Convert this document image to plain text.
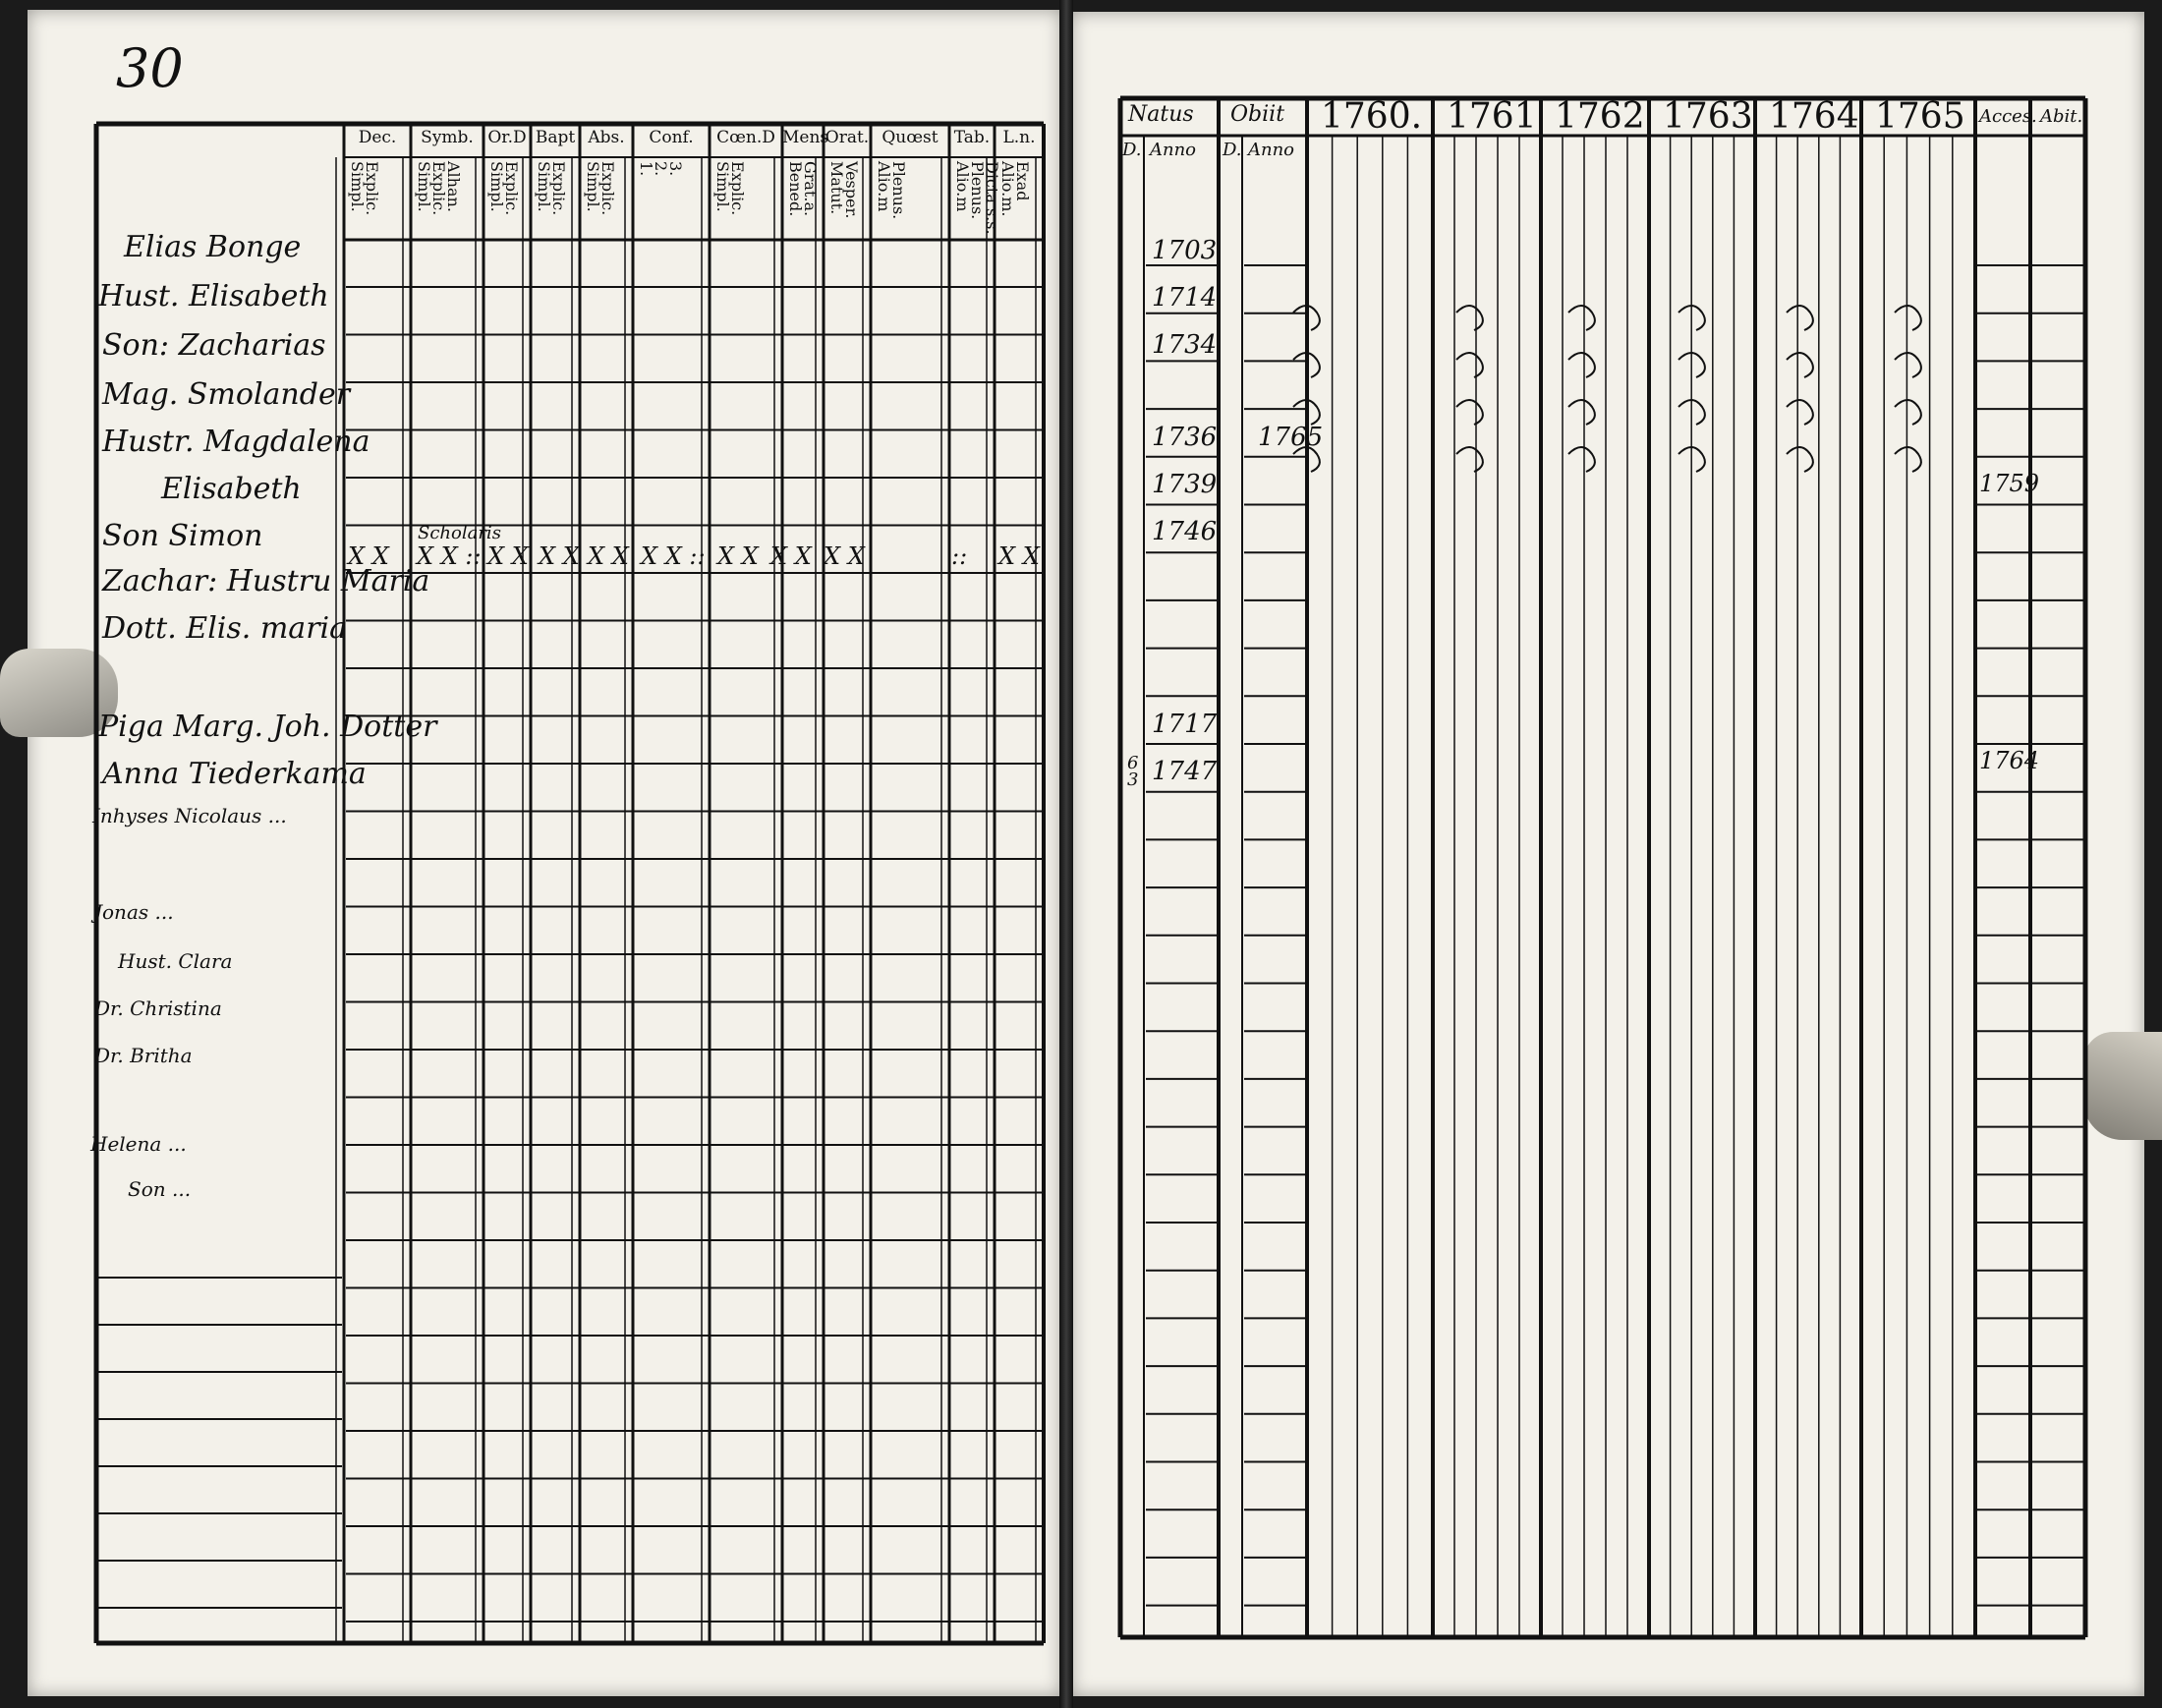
30
Dec.
Explic.
Simpl.
Symb.
Alhan.
Explic.
Simpl.
Or.D
Explic.
Simpl.
Bapt
Explic.
Simpl.
Abs.
Explic.
Simpl.
Conf.
3.
2.
1.
Cœn.D
Explic.
Simpl.
Mens
Grat.a.
Bened.
Orat.
Vesper.
Matut.
Quœst
Plenus.
Alio.m
Tab.
Dicta s.s.
Plenus.
Alio.m
L.n.
Exad
Alio.m.
Elias Bonge
Hust. Elisabeth
Son: Zacharias
Mag. Smolander
Hustr. Magdalena
Elisabeth
Son Simon
Zachar: Hustru Maria
Dott. Elis. maria
Piga Marg. Joh. Dotter
Anna Tiederkama
Inhyses Nicolaus ...
Jonas ...
Hust. Clara
Dr. Christina
Dr. Britha
Helena ...
Son ...
X X X X :: X X X X X X X X :: X X X X X X	:: X X
Scholaris
Natus Obiit
D. Anno D. Anno
1760. 1761 1762 1763 1764 1765 Acces. Abit.
1703
1714
1734
1736
1739
1746
1717
1747
1765
1759
1764
6
3
